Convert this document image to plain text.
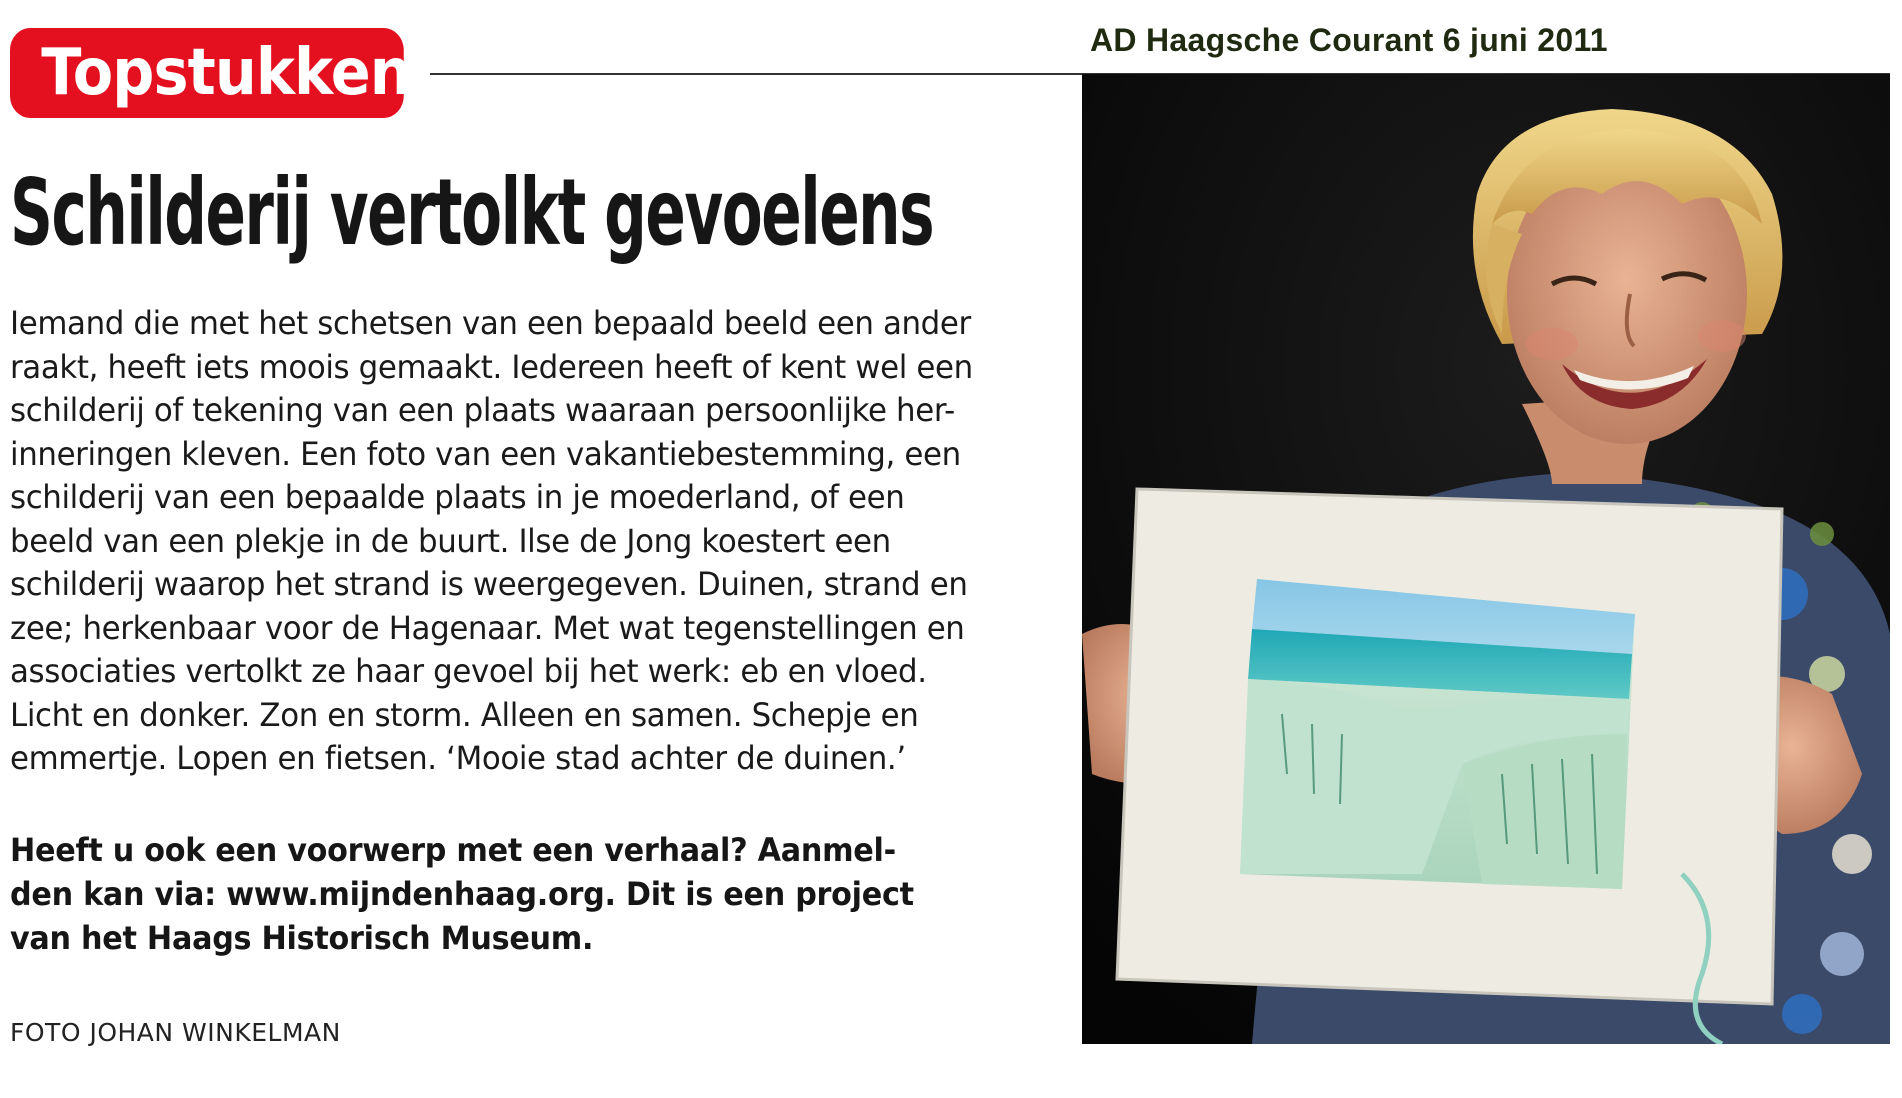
AD Haagsche Courant 6 juni 2011
Topstukken
Schilderij vertolkt gevoelens
Iemand die met het schetsen van een bepaald beeld een ander
raakt, heeft iets moois gemaakt. Iedereen heeft of kent wel een
schilderij of tekening van een plaats waaraan persoonlijke her-
inneringen kleven. Een foto van een vakantiebestemming, een
schilderij van een bepaalde plaats in je moederland, of een
beeld van een plekje in de buurt. Ilse de Jong koestert een
schilderij waarop het strand is weergegeven. Duinen, strand en
zee; herkenbaar voor de Hagenaar. Met wat tegenstellingen en
associaties vertolkt ze haar gevoel bij het werk: eb en vloed.
Licht en donker. Zon en storm. Alleen en samen. Schepje en
emmertje. Lopen en fietsen. ‘Mooie stad achter de duinen.’
Heeft u ook een voorwerp met een verhaal? Aanmel-
den kan via: www.mijndenhaag.org. Dit is een project
van het Haags Historisch Museum.
FOTO JOHAN WINKELMAN
